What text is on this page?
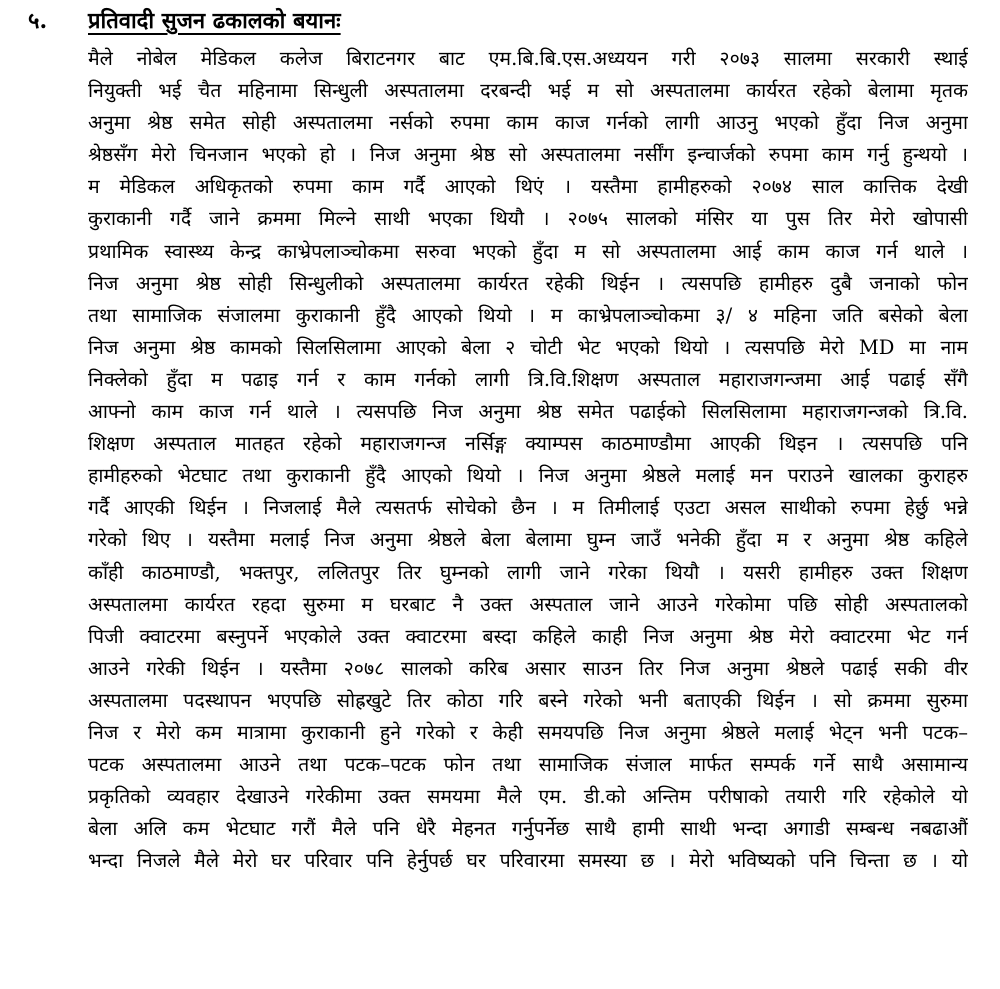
५. प्रतिवादी सुजन ढकालको बयानः
मैले नोबेल मेडिकल कलेज बिराटनगर बाट एम.बि.बि.एस.अध्ययन गरी २०७३ सालमा सरकारी स्थाई
नियुक्ती भई चैत महिनामा सिन्धुली अस्पतालमा दरबन्दी भई म सो अस्पतालमा कार्यरत रहेको बेलामा मृतक
अनुमा श्रेष्ठ समेत सोही अस्पतालमा नर्सको रुपमा काम काज गर्नको लागी आउनु भएको हुँदा निज अनुमा
श्रेष्ठसँग मेरो चिनजान भएको हो । निज अनुमा श्रेष्ठ सो अस्पतालमा नर्सींग इन्चार्जको रुपमा काम गर्नु हुन्थयो ।
म मेडिकल अधिकृतको रुपमा काम गर्दै आएको थिएं । यस्तैमा हामीहरुको २०७४ साल कात्तिक देखी
कुराकानी गर्दै जाने क्रममा मिल्ने साथी भएका थियौ । २०७५ सालको मंसिर या पुस तिर मेरो खोपासी
प्रथामिक स्वास्थ्य केन्द्र काभ्रेपलाञ्चोकमा सरुवा भएको हुँदा म सो अस्पतालमा आई काम काज गर्न थाले ।
निज अनुमा श्रेष्ठ सोही सिन्धुलीको अस्पतालमा कार्यरत रहेकी थिईन । त्यसपछि हामीहरु दुबै जनाको फोन
तथा सामाजिक संजालमा कुराकानी हुँदै आएको थियो । म काभ्रेपलाञ्चोकमा ३/ ४ महिना जति बसेको बेला
निज अनुमा श्रेष्ठ कामको सिलसिलामा आएको बेला २ चोटी भेट भएको थियो । त्यसपछि मेरो MD मा नाम
निक्लेको हुँदा म पढाइ गर्न र काम गर्नको लागी त्रि.वि.शिक्षण अस्पताल महाराजगन्जमा आई पढाई सँगै
आफ्नो काम काज गर्न थाले । त्यसपछि निज अनुमा श्रेष्ठ समेत पढाईको सिलसिलामा महाराजगन्जको त्रि.वि.
शिक्षण अस्पताल मातहत रहेको महाराजगन्ज नर्सिङ्ग क्याम्पस काठमाण्डौमा आएकी थिइन । त्यसपछि पनि
हामीहरुको भेटघाट तथा कुराकानी हुँदै आएको थियो । निज अनुमा श्रेष्ठले मलाई मन पराउने खालका कुराहरु
गर्दै आएकी थिईन । निजलाई मैले त्यसतर्फ सोचेको छैन । म तिमीलाई एउटा असल साथीको रुपमा हेर्छु भन्ने
गरेको थिए । यस्तैमा मलाई निज अनुमा श्रेष्ठले बेला बेलामा घुम्न जाउँ भनेकी हुँदा म र अनुमा श्रेष्ठ कहिले
काँही काठमाण्डौ, भक्तपुर, ललितपुर तिर घुम्नको लागी जाने गरेका थियौ । यसरी हामीहरु उक्त शिक्षण
अस्पतालमा कार्यरत रहदा सुरुमा म घरबाट नै उक्त अस्पताल जाने आउने गरेकोमा पछि सोही अस्पतालको
पिजी क्वाटरमा बस्नुपर्ने भएकोले उक्त क्वाटरमा बस्दा कहिले काही निज अनुमा श्रेष्ठ मेरो क्वाटरमा भेट गर्न
आउने गरेकी थिईन । यस्तैमा २०७८ सालको करिब असार साउन तिर निज अनुमा श्रेष्ठले पढाई सकी वीर
अस्पतालमा पदस्थापन भएपछि सोह्रखुटे तिर कोठा गरि बस्ने गरेको भनी बताएकी थिईन । सो क्रममा सुरुमा
निज र मेरो कम मात्रामा कुराकानी हुने गरेको र केही समयपछि निज अनुमा श्रेष्ठले मलाई भेट्न भनी पटक–
पटक अस्पतालमा आउने तथा पटक–पटक फोन तथा सामाजिक संजाल मार्फत सम्पर्क गर्ने साथै असामान्य
प्रकृतिको व्यवहार देखाउने गरेकीमा उक्त समयमा मैले एम. डी.को अन्तिम परीषाको तयारी गरि रहेकोले यो
बेला अलि कम भेटघाट गरौं मैले पनि धेरै मेहनत गर्नुपर्नेछ साथै हामी साथी भन्दा अगाडी सम्बन्ध नबढाऔं
भन्दा निजले मैले मेरो घर परिवार पनि हेर्नुपर्छ घर परिवारमा समस्या छ । मेरो भविष्यको पनि चिन्ता छ । यो
